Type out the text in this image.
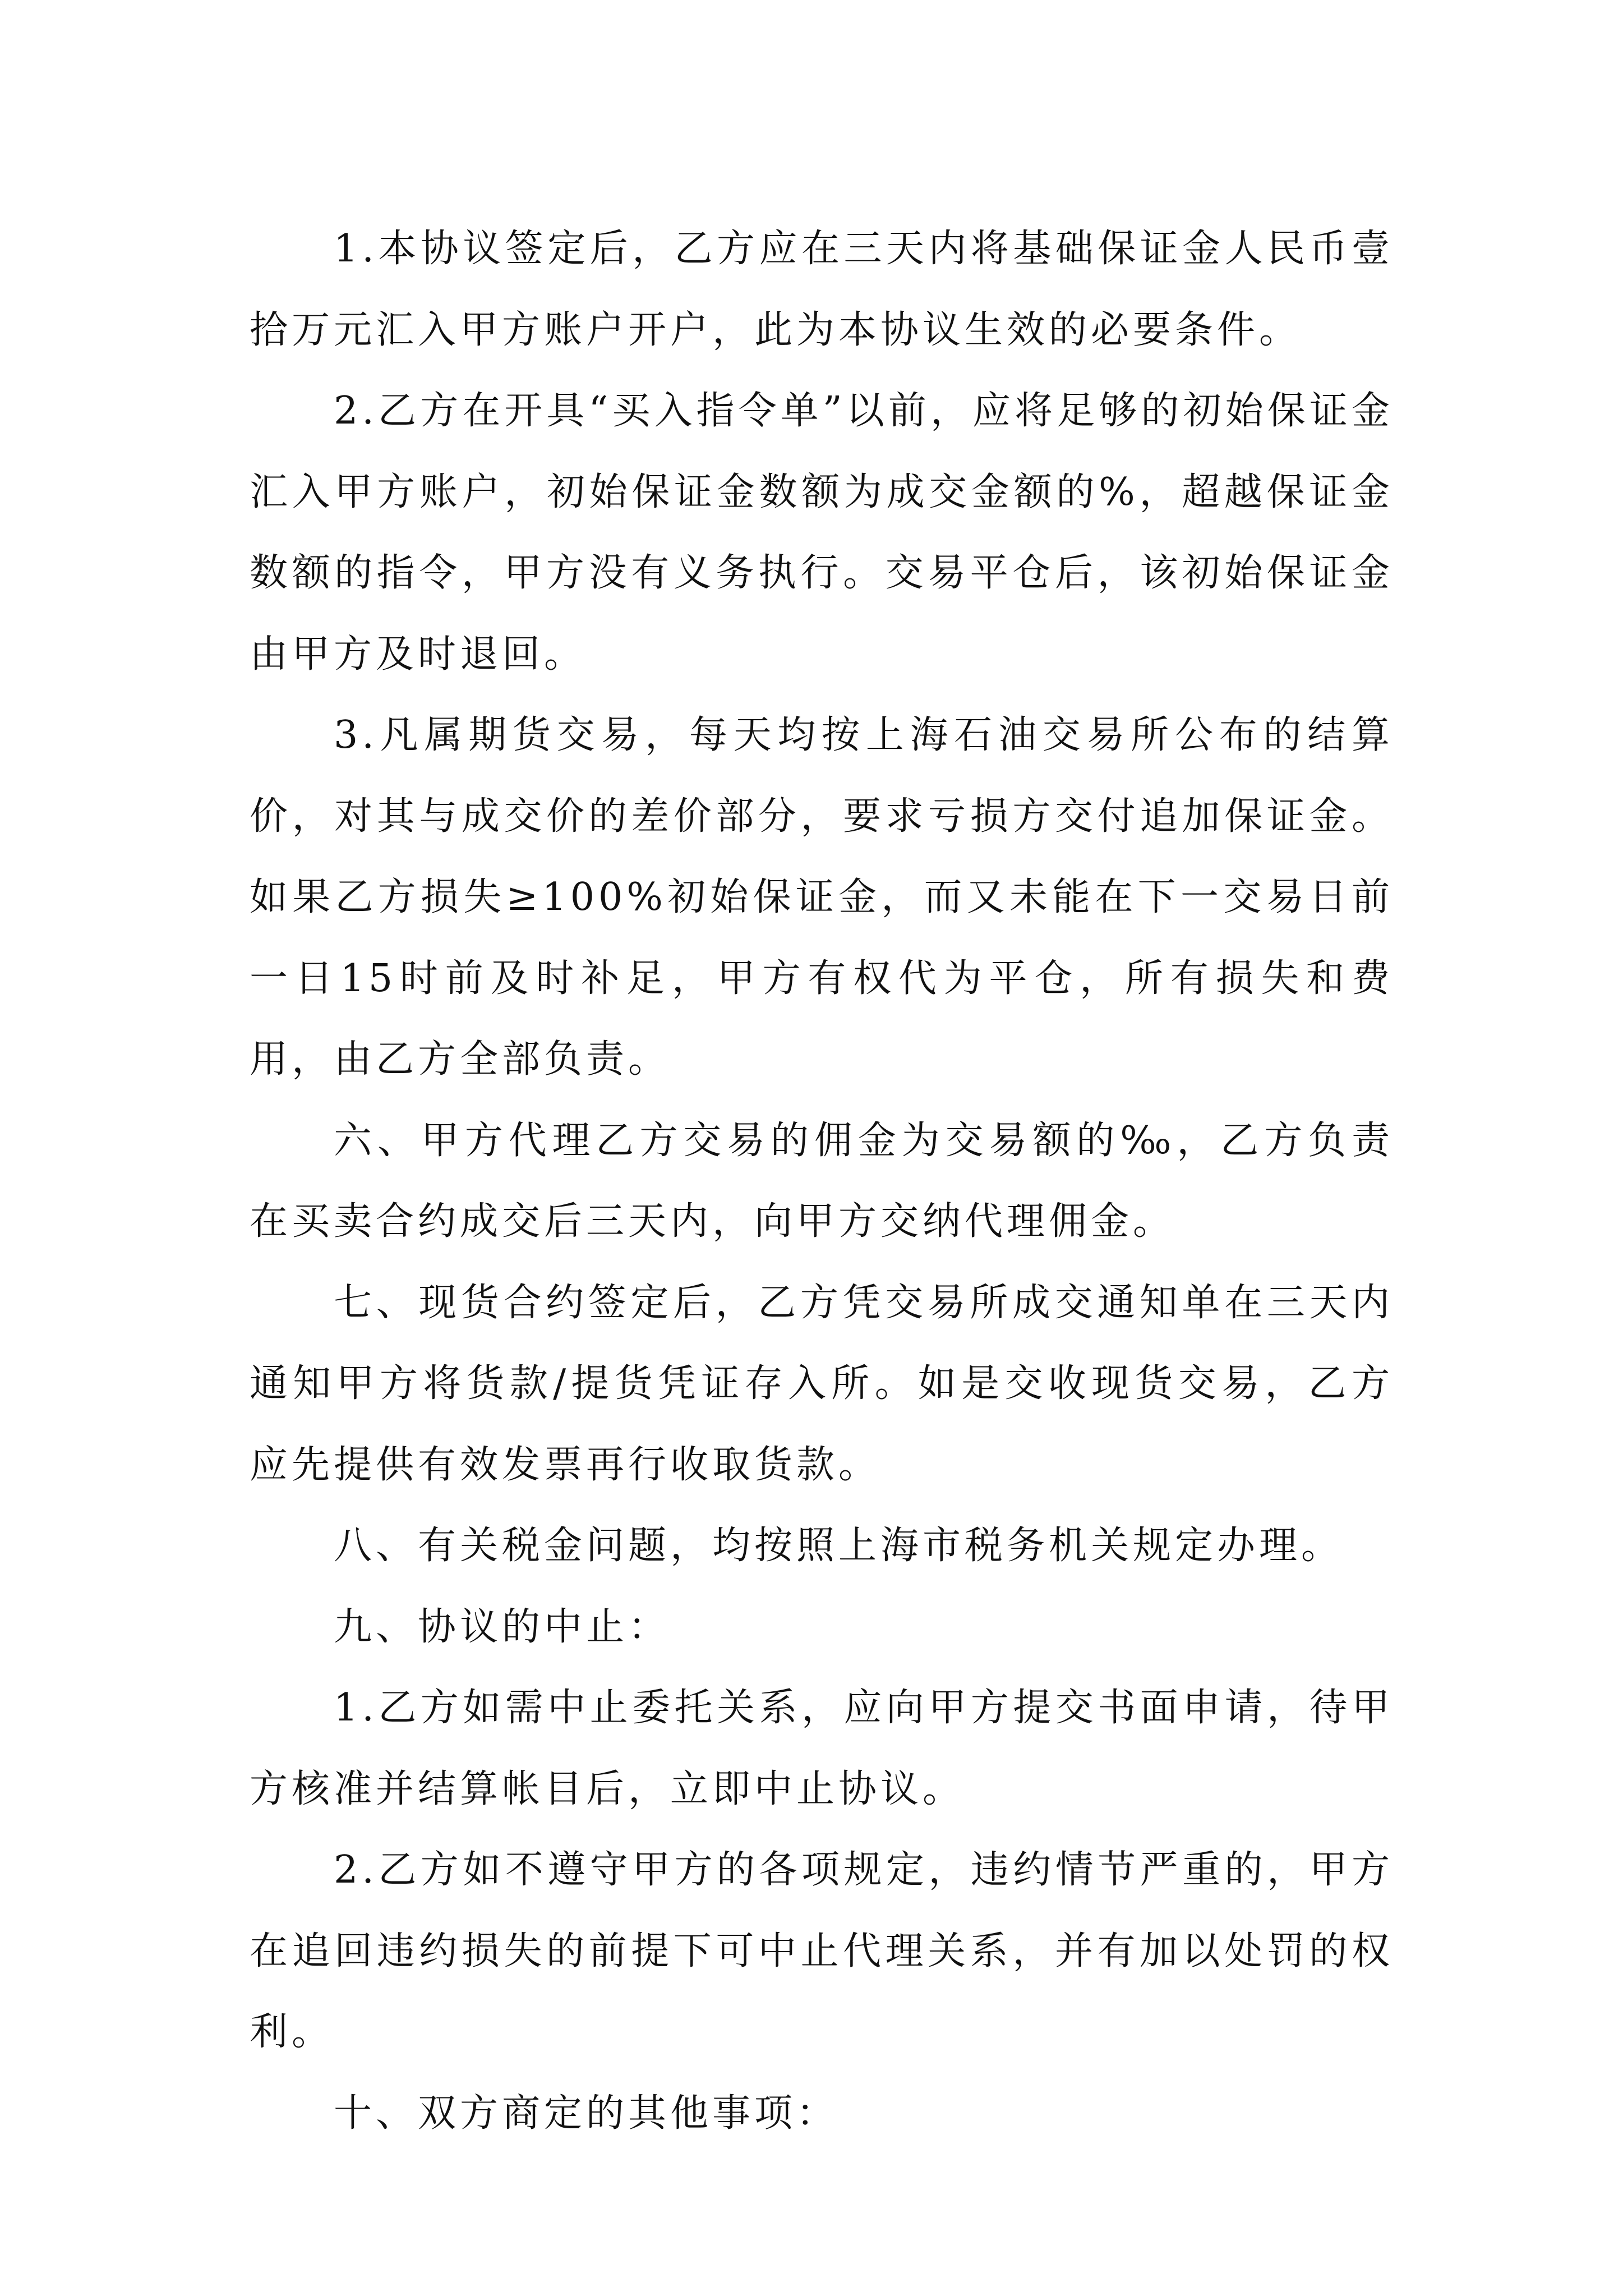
1.本协议签定后，乙方应在三天内将基础保证金人民币壹拾万元汇入甲方账户开户，此为本协议生效的必要条件。

2.乙方在开具“买入指令单”以前，应将足够的初始保证金汇入甲方账户，初始保证金数额为成交金额的%，超越保证金数额的指令，甲方没有义务执行。交易平仓后，该初始保证金由甲方及时退回。

3.凡属期货交易，每天均按上海石油交易所公布的结算价，对其与成交价的差价部分，要求亏损方交付追加保证金。如果乙方损失≥100%初始保证金，而又未能在下一交易日前一日15时前及时补足，甲方有权代为平仓，所有损失和费用，由乙方全部负责。

六、甲方代理乙方交易的佣金为交易额的‰，乙方负责在买卖合约成交后三天内，向甲方交纳代理佣金。

七、现货合约签定后，乙方凭交易所成交通知单在三天内通知甲方将货款/提货凭证存入所。如是交收现货交易，乙方应先提供有效发票再行收取货款。

八、有关税金问题，均按照上海市税务机关规定办理。

九、协议的中止：

1.乙方如需中止委托关系，应向甲方提交书面申请，待甲方核准并结算帐目后，立即中止协议。

2.乙方如不遵守甲方的各项规定，违约情节严重的，甲方在追回违约损失的前提下可中止代理关系，并有加以处罚的权利。

十、双方商定的其他事项：
